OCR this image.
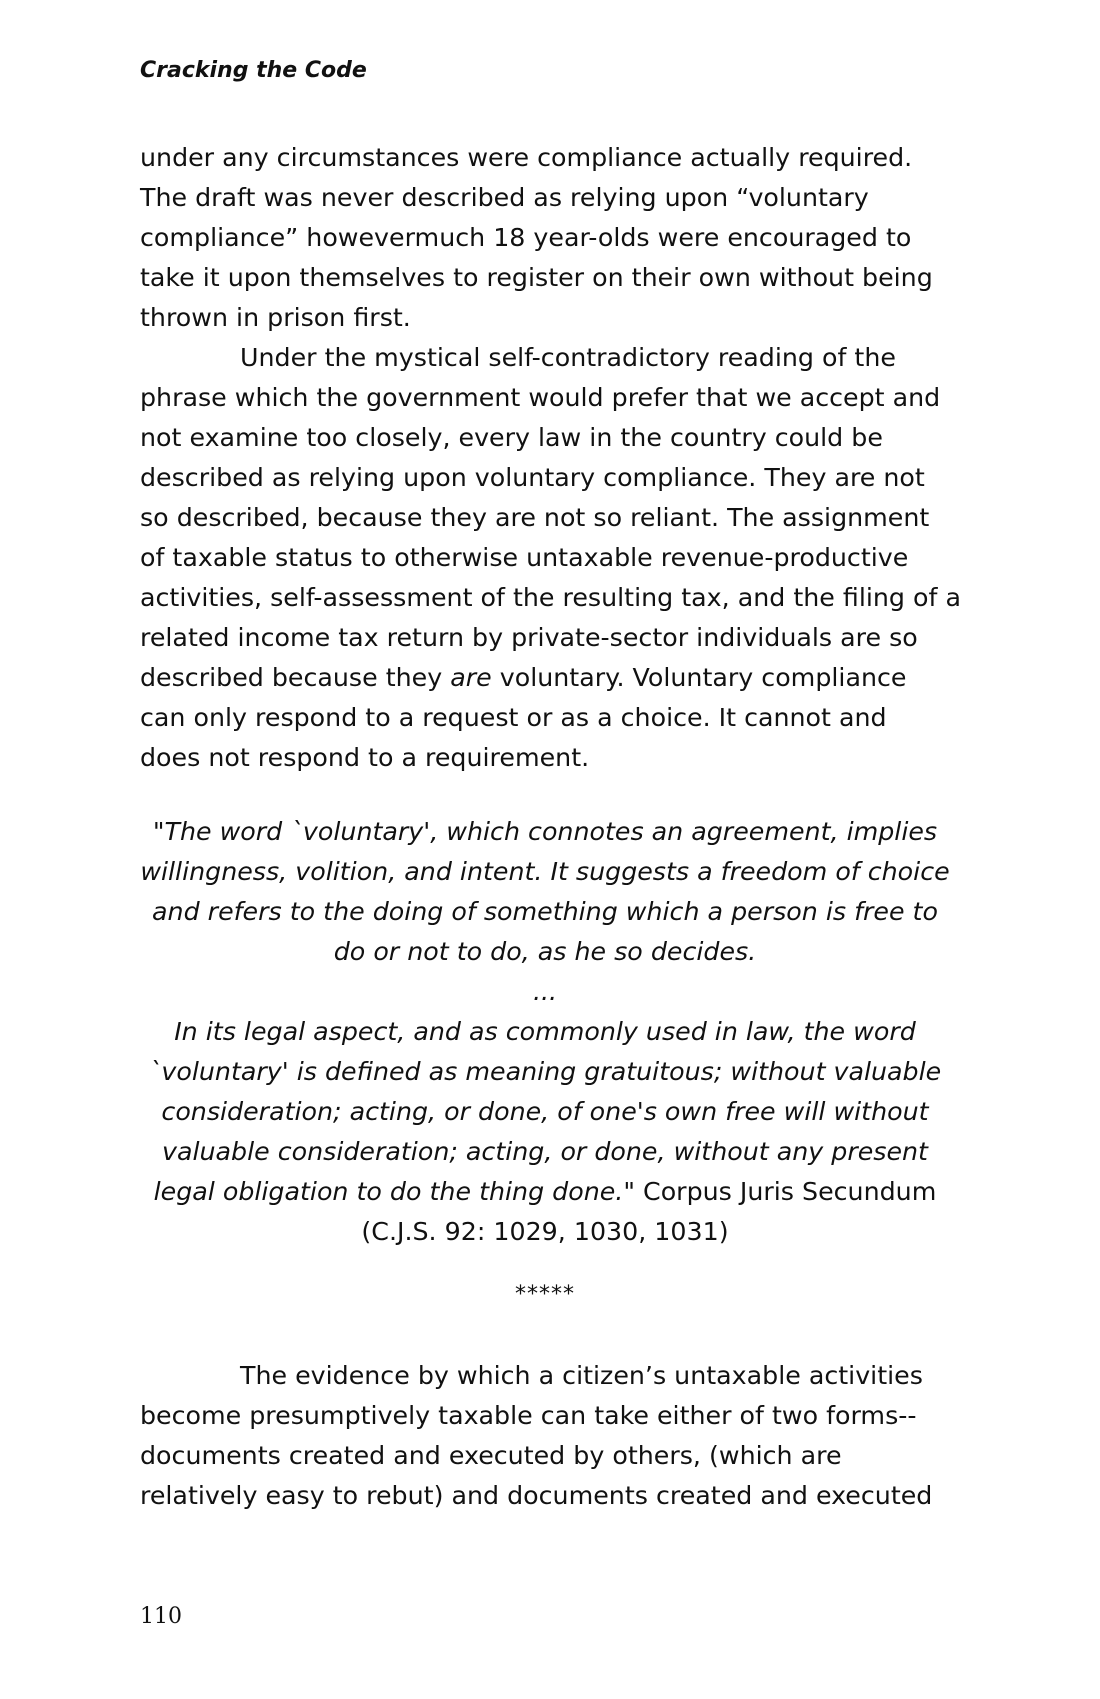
Cracking the Code
under any circumstances were compliance actually required.
The draft was never described as relying upon “voluntary
compliance” howevermuch 18 year-olds were encouraged to
take it upon themselves to register on their own without being
thrown in prison first.
Under the mystical self-contradictory reading of the
phrase which the government would prefer that we accept and
not examine too closely, every law in the country could be
described as relying upon voluntary compliance. They are not
so described, because they are not so reliant. The assignment
of taxable status to otherwise untaxable revenue-productive
activities, self-assessment of the resulting tax, and the filing of a
related income tax return by private-sector individuals are so
described because they are voluntary. Voluntary compliance
can only respond to a request or as a choice. It cannot and
does not respond to a requirement.
"The word `voluntary', which connotes an agreement, implies
willingness, volition, and intent. It suggests a freedom of choice
and refers to the doing of something which a person is free to
do or not to do, as he so decides.
...
In its legal aspect, and as commonly used in law, the word
`voluntary' is defined as meaning gratuitous; without valuable
consideration; acting, or done, of one's own free will without
valuable consideration; acting, or done, without any present
legal obligation to do the thing done." Corpus Juris Secundum
(C.J.S. 92: 1029, 1030, 1031)
*****
The evidence by which a citizen’s untaxable activities
become presumptively taxable can take either of two forms--
documents created and executed by others, (which are
relatively easy to rebut) and documents created and executed
110
